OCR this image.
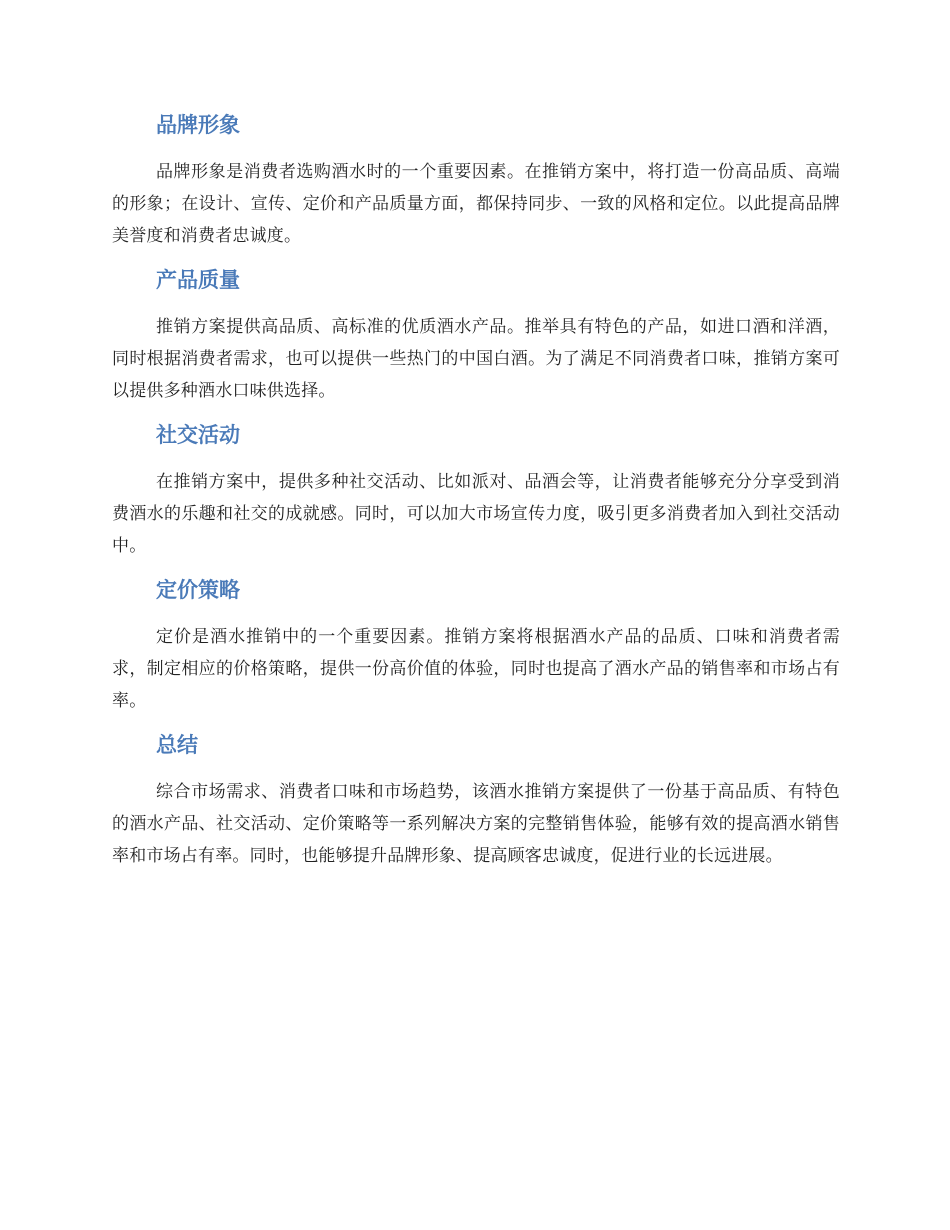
品牌形象

品牌形象是消费者选购酒水时的一个重要因素。在推销方案中，将打造一份高品质、高端的形象；在设计、宣传、定价和产品质量方面，都保持同步、一致的风格和定位。以此提高品牌美誉度和消费者忠诚度。

产品质量

推销方案提供高品质、高标准的优质酒水产品。推举具有特色的产品，如进口酒和洋酒，同时根据消费者需求，也可以提供一些热门的中国白酒。为了满足不同消费者口味，推销方案可以提供多种酒水口味供选择。

社交活动

在推销方案中，提供多种社交活动、比如派对、品酒会等，让消费者能够充分分享受到消费酒水的乐趣和社交的成就感。同时，可以加大市场宣传力度，吸引更多消费者加入到社交活动中。

定价策略

定价是酒水推销中的一个重要因素。推销方案将根据酒水产品的品质、口味和消费者需求，制定相应的价格策略，提供一份高价值的体验，同时也提高了酒水产品的销售率和市场占有率。

总结

综合市场需求、消费者口味和市场趋势，该酒水推销方案提供了一份基于高品质、有特色的酒水产品、社交活动、定价策略等一系列解决方案的完整销售体验，能够有效的提高酒水销售率和市场占有率。同时，也能够提升品牌形象、提高顾客忠诚度，促进行业的长远进展。
